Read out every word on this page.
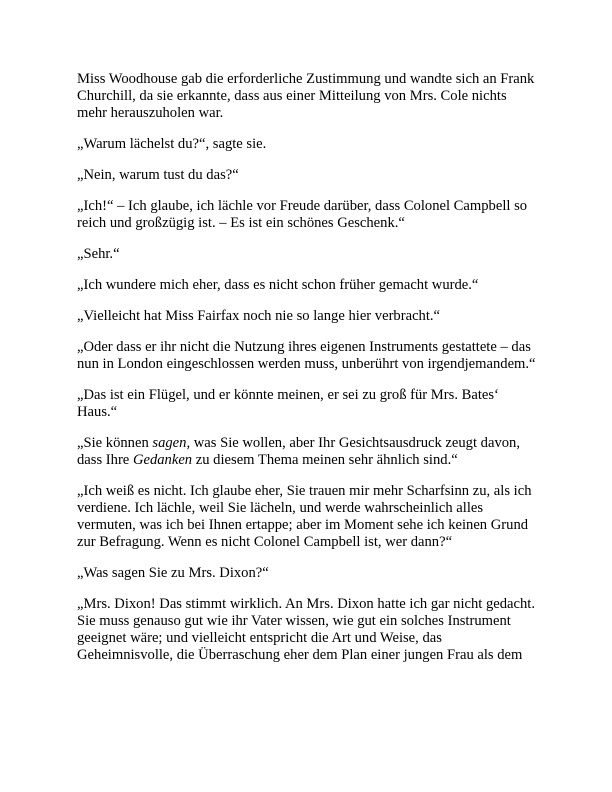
Miss Woodhouse gab die erforderliche Zustimmung und wandte sich an Frank Churchill, da sie erkannte, dass aus einer Mitteilung von Mrs. Cole nichts mehr herauszuholen war.

„Warum lächelst du?“, sagte sie.

„Nein, warum tust du das?“

„Ich!“ – Ich glaube, ich lächle vor Freude darüber, dass Colonel Campbell so reich und großzügig ist. – Es ist ein schönes Geschenk.“

„Sehr.“

„Ich wundere mich eher, dass es nicht schon früher gemacht wurde.“

„Vielleicht hat Miss Fairfax noch nie so lange hier verbracht.“

„Oder dass er ihr nicht die Nutzung ihres eigenen Instruments gestattete – das nun in London eingeschlossen werden muss, unberührt von irgendjemandem.“

„Das ist ein Flügel, und er könnte meinen, er sei zu groß für Mrs. Bates‘ Haus.“

„Sie können sagen, was Sie wollen, aber Ihr Gesichtsausdruck zeugt davon, dass Ihre Gedanken zu diesem Thema meinen sehr ähnlich sind.“

„Ich weiß es nicht. Ich glaube eher, Sie trauen mir mehr Scharfsinn zu, als ich verdiene. Ich lächle, weil Sie lächeln, und werde wahrscheinlich alles vermuten, was ich bei Ihnen ertappe; aber im Moment sehe ich keinen Grund zur Befragung. Wenn es nicht Colonel Campbell ist, wer dann?“

„Was sagen Sie zu Mrs. Dixon?“

„Mrs. Dixon! Das stimmt wirklich. An Mrs. Dixon hatte ich gar nicht gedacht. Sie muss genauso gut wie ihr Vater wissen, wie gut ein solches Instrument geeignet wäre; und vielleicht entspricht die Art und Weise, das Geheimnisvolle, die Überraschung eher dem Plan einer jungen Frau als dem
